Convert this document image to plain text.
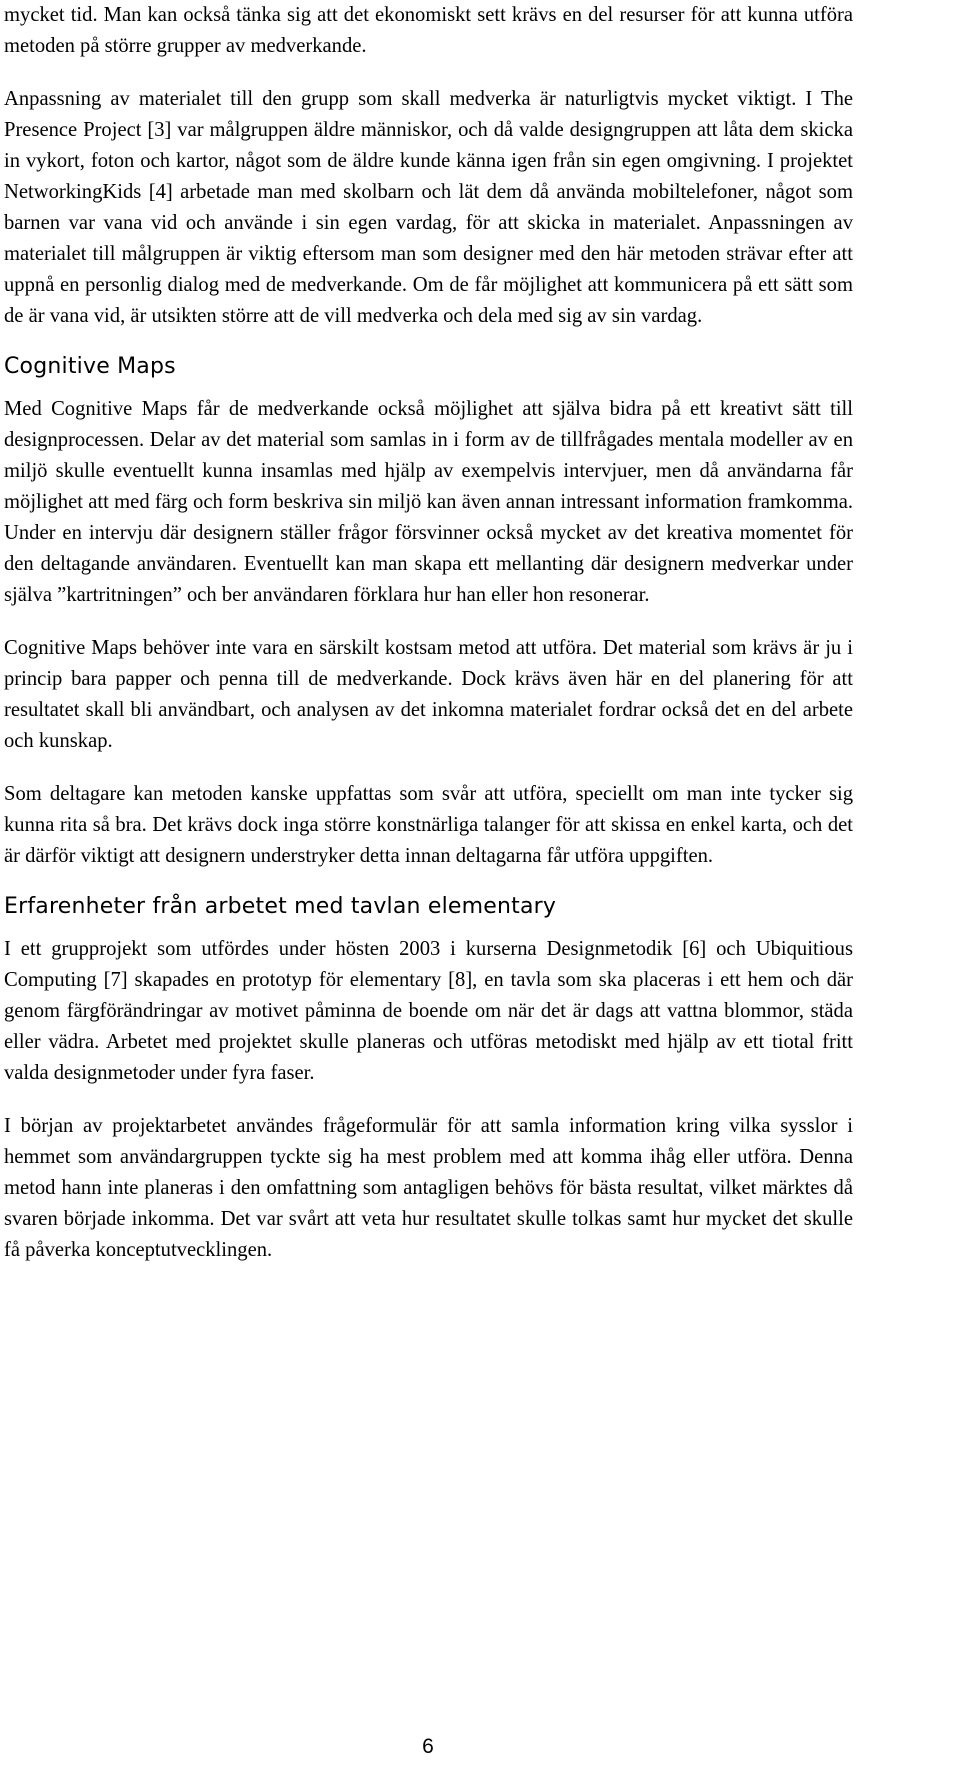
mycket tid. Man kan också tänka sig att det ekonomiskt sett krävs en del resurser för att kunna utföra metoden på större grupper av medverkande.

Anpassning av materialet till den grupp som skall medverka är naturligtvis mycket viktigt. I The Presence Project [3] var målgruppen äldre människor, och då valde designgruppen att låta dem skicka in vykort, foton och kartor, något som de äldre kunde känna igen från sin egen omgivning. I projektet NetworkingKids [4] arbetade man med skolbarn och lät dem då använda mobiltelefoner, något som barnen var vana vid och använde i sin egen vardag, för att skicka in materialet. Anpassningen av materialet till målgruppen är viktig eftersom man som designer med den här metoden strävar efter att uppnå en personlig dialog med de medverkande. Om de får möjlighet att kommunicera på ett sätt som de är vana vid, är utsikten större att de vill medverka och dela med sig av sin vardag.

Cognitive Maps

Med Cognitive Maps får de medverkande också möjlighet att själva bidra på ett kreativt sätt till designprocessen. Delar av det material som samlas in i form av de tillfrågades mentala modeller av en miljö skulle eventuellt kunna insamlas med hjälp av exempelvis intervjuer, men då användarna får möjlighet att med färg och form beskriva sin miljö kan även annan intressant information framkomma. Under en intervju där designern ställer frågor försvinner också mycket av det kreativa momentet för den deltagande användaren. Eventuellt kan man skapa ett mellanting där designern medverkar under själva ”kartritningen” och ber användaren förklara hur han eller hon resonerar.

Cognitive Maps behöver inte vara en särskilt kostsam metod att utföra. Det material som krävs är ju i princip bara papper och penna till de medverkande. Dock krävs även här en del planering för att resultatet skall bli användbart, och analysen av det inkomna materialet fordrar också det en del arbete och kunskap.

Som deltagare kan metoden kanske uppfattas som svår att utföra, speciellt om man inte tycker sig kunna rita så bra. Det krävs dock inga större konstnärliga talanger för att skissa en enkel karta, och det är därför viktigt att designern understryker detta innan deltagarna får utföra uppgiften.

Erfarenheter från arbetet med tavlan elementary

I ett grupprojekt som utfördes under hösten 2003 i kurserna Designmetodik [6] och Ubiquitious Computing [7] skapades en prototyp för elementary [8], en tavla som ska placeras i ett hem och där genom färgförändringar av motivet påminna de boende om när det är dags att vattna blommor, städa eller vädra. Arbetet med projektet skulle planeras och utföras metodiskt med hjälp av ett tiotal fritt valda designmetoder under fyra faser.

I början av projektarbetet användes frågeformulär för att samla information kring vilka sysslor i hemmet som användargruppen tyckte sig ha mest problem med att komma ihåg eller utföra. Denna metod hann inte planeras i den omfattning som antagligen behövs för bästa resultat, vilket märktes då svaren började inkomma. Det var svårt att veta hur resultatet skulle tolkas samt hur mycket det skulle få påverka konceptutvecklingen.

6
